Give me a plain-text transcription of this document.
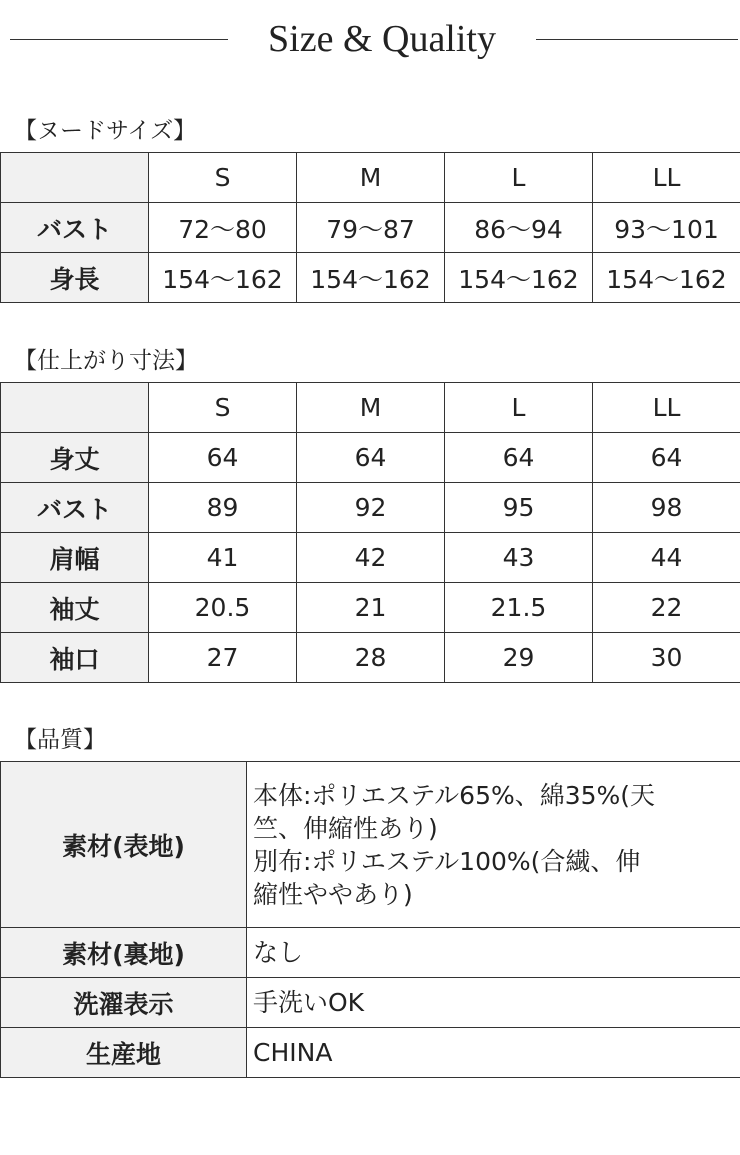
Size & Quality
【ヌードサイズ】
	S	M	L	LL
バスト	72〜80	79〜87	86〜94	93〜101
身長	154〜162	154〜162	154〜162	154〜162
【仕上がり寸法】
	S	M	L	LL
身丈	64	64	64	64
バスト	89	92	95	98
肩幅	41	42	43	44
袖丈	20.5	21	21.5	22
袖口	27	28	29	30
【品質】
素材(表地)	本体:ポリエステル65%、綿35%(天
竺、伸縮性あり)
別布:ポリエステル100%(合繊、伸
縮性ややあり)

素材(裏地)	なし

洗濯表示	手洗いOK

生産地	CHINA
